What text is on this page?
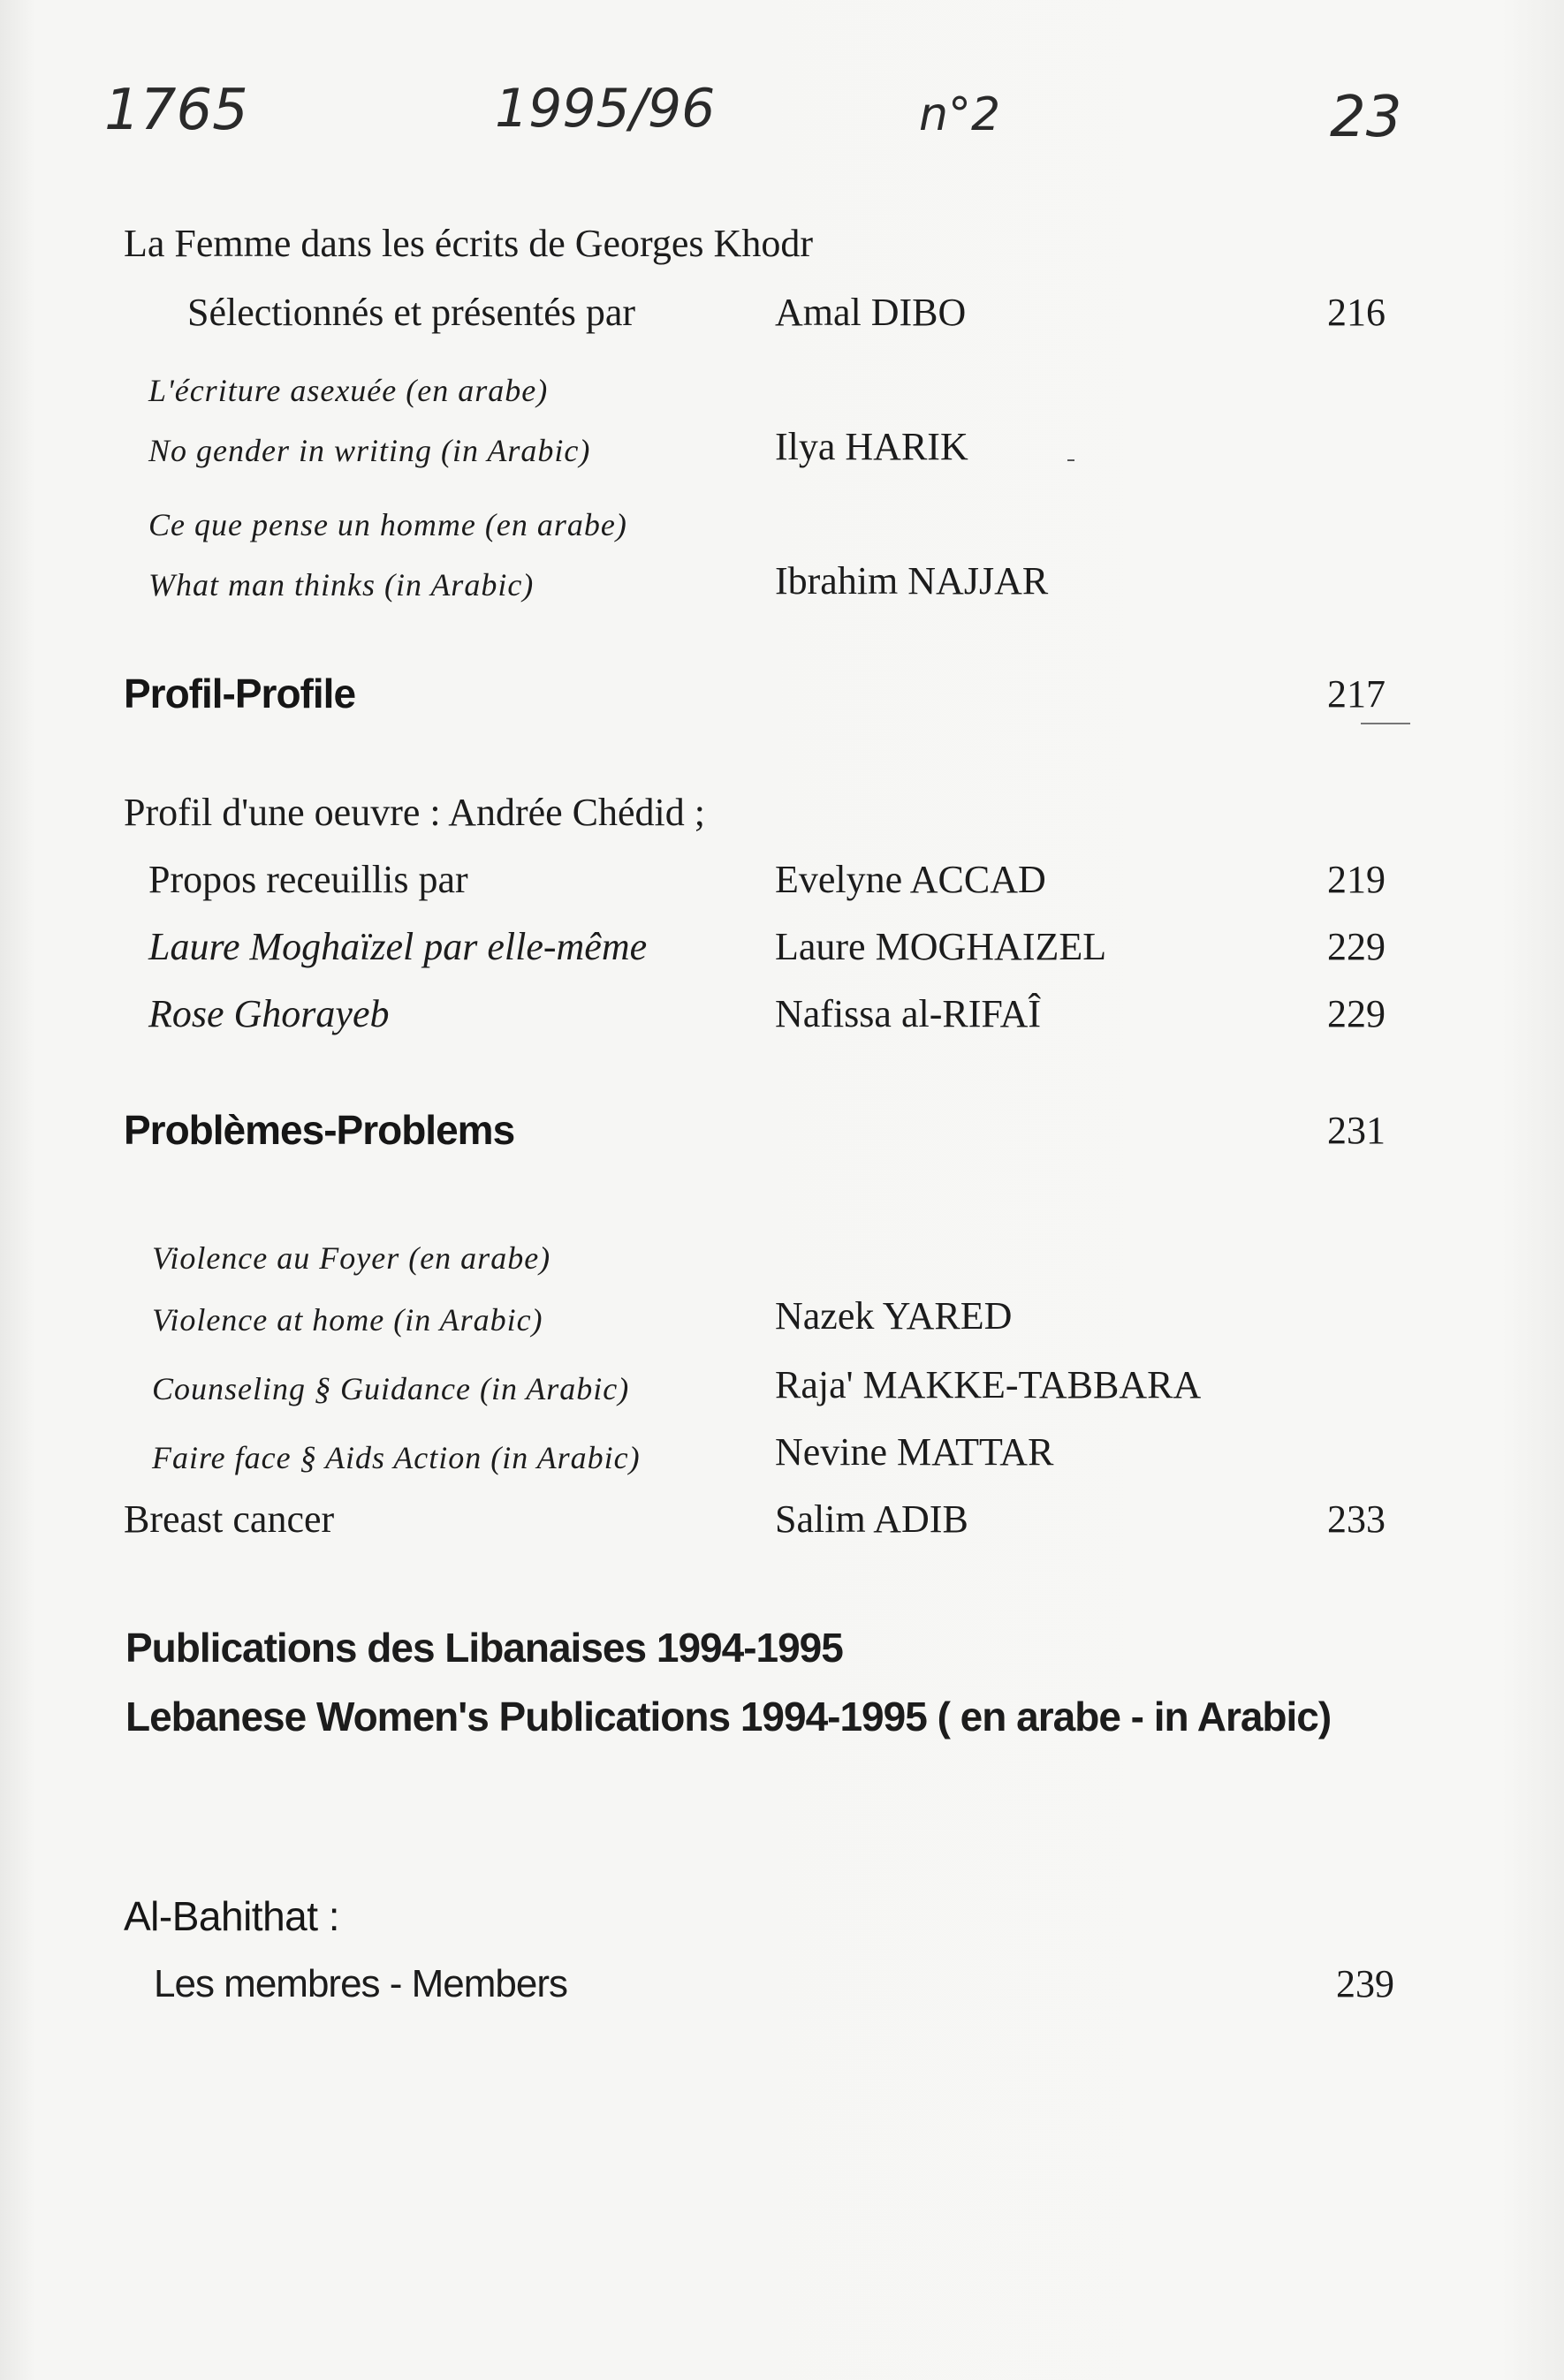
1765	1995/96	n°2	23
La Femme dans les écrits de Georges Khodr
Sélectionnés et présentés par	Amal DIBO	216
L'écriture asexuée (en arabe)
No gender in writing (in Arabic)	Ilya HARIK
Ce que pense un homme (en arabe)
What man thinks (in Arabic)	Ibrahim NAJJAR
Profil-Profile	217
Profil d'une oeuvre : Andrée Chédid ;
Propos receuillis par	Evelyne ACCAD	219
Laure Moghaïzel par elle-même	Laure MOGHAIZEL	229
Rose Ghorayeb	Nafissa al-RIFAÎ	229
Problèmes-Problems	231
Violence au Foyer (en arabe)
Violence at home (in Arabic)	Nazek YARED
Counseling § Guidance (in Arabic)	Raja' MAKKE-TABBARA
Faire face § Aids Action (in Arabic)	Nevine MATTAR
Breast cancer	Salim ADIB	233
Publications des Libanaises 1994-1995
Lebanese Women's Publications 1994-1995 ( en arabe - in Arabic)
Al-Bahithat :
Les membres - Members	239
